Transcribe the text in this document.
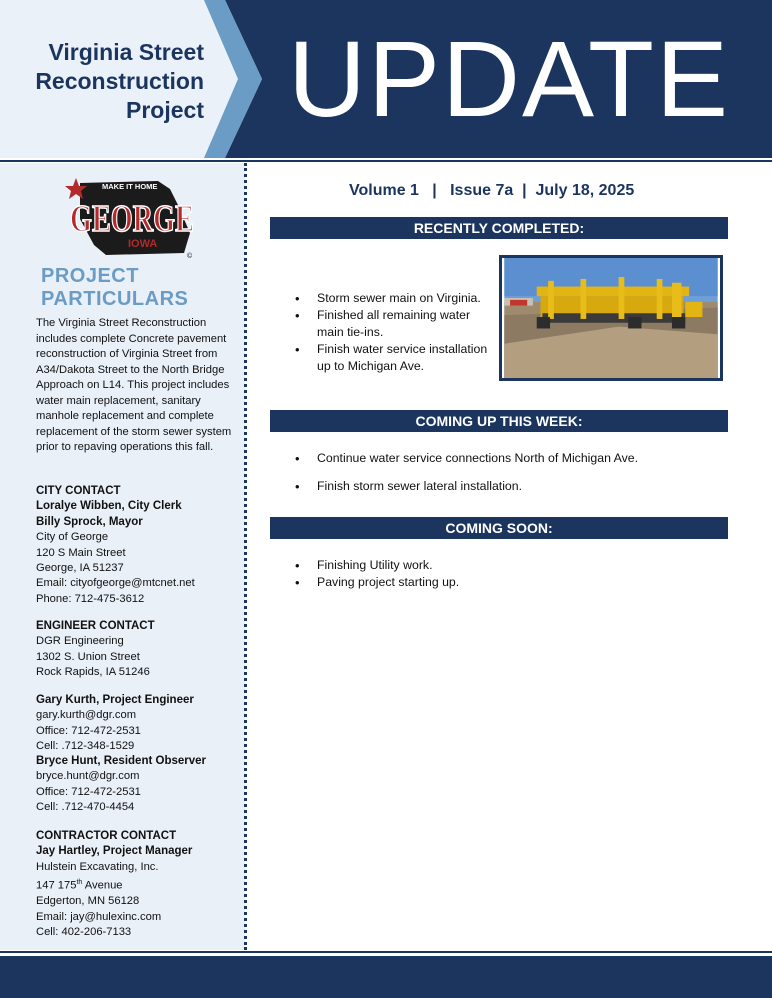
Virginia Street
Reconstruction
Project UPDATE
MAKE IT HOME
GEORGE
IOWA
©
PROJECT
PARTICULARS
The Virginia Street Reconstruction includes complete Concrete pavement reconstruction of Virginia Street from A34/Dakota Street to the North Bridge Approach on L14. This project includes water main replacement, sanitary manhole replacement and complete replacement of the storm sewer system prior to repaving operations this fall.
CITY CONTACT
Loralye Wibben, City Clerk
Billy Sprock, Mayor
City of George
120 S Main Street
George, IA 51237
Email: cityofgeorge@mtcnet.net
Phone: 712-475-3612
ENGINEER CONTACT
DGR Engineering
1302 S. Union Street
Rock Rapids, IA 51246
Gary Kurth, Project Engineer
gary.kurth@dgr.com
Office: 712-472-2531
Cell: .712-348-1529
Bryce Hunt, Resident Observer
bryce.hunt@dgr.com
Office: 712-472-2531
Cell: .712-470-4454
CONTRACTOR CONTACT
Jay Hartley, Project Manager
Hulstein Excavating, Inc.
147 175th Avenue
Edgerton, MN 56128
Email: jay@hulexinc.com
Cell: 402-206-7133
Volume 1   |   Issue 7a  |  July 18, 2025
RECENTLY COMPLETED:
• Storm sewer main on Virginia.
• Finished all remaining water main tie-ins.
• Finish water service installation up to Michigan Ave.
COMING UP THIS WEEK:
• Continue water service connections North of Michigan Ave.
• Finish storm sewer lateral installation.
COMING SOON:
• Finishing Utility work.
• Paving project starting up.
